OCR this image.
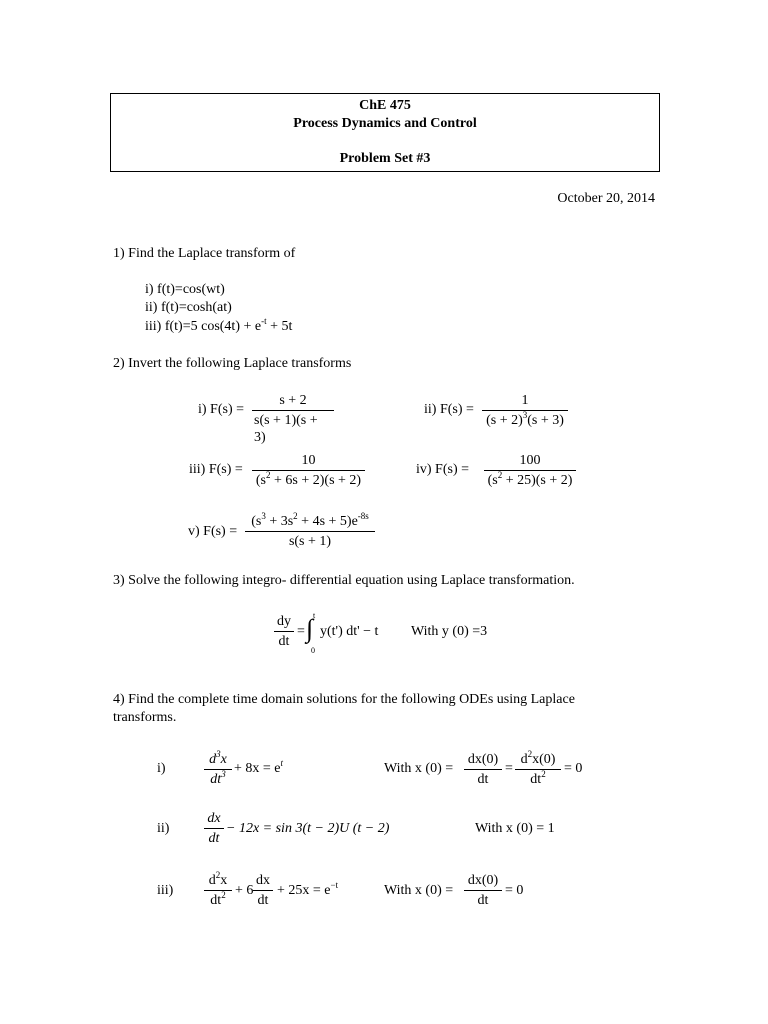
ChE 475
Process Dynamics and Control
Problem Set #3
October 20, 2014
1) Find the Laplace transform of
i) f(t)=cos(wt)
ii) f(t)=cosh(at)
iii) f(t)=5 $\cos(4t) + e^{-t} + 5t$
2) Invert the following Laplace transforms
i) F(s) =
s + 2
s(s + 1)(s + 3)
ii) F(s) =
1
$(s + 2)^3(s + 3)$
iii) F(s) =
10
$(s^2 + 6s + 2)(s + 2)$
iv) F(s) =
100
$(s^2 + 25)(s + 2)$
v) F(s) =
$(s^3 + 3s^2 + 4s + 5)e^{-8s}$
s(s + 1)
3) Solve the following integro- differential equation using Laplace transformation.
dy
dt
= ∫ t
0
y(t') dt' − t With y (0) =3
4) Find the complete time domain solutions for the following ODEs using Laplace
transforms.
i)
$d^3x$
$dt^3 + 8x = e^t$	With x (0) =
dx(0)
dt
=
$d^2x(0)$
$dt^2 = 0$
ii)
dx
dt
− 12x = sin 3(t − 2)U (t − 2)	With x (0) = 1
iii)
$d^2x$
$dt^2 + 6$
dx
dt
+ $25x = e^{-t}$	With x (0) =
dx(0)
dt
= 0
